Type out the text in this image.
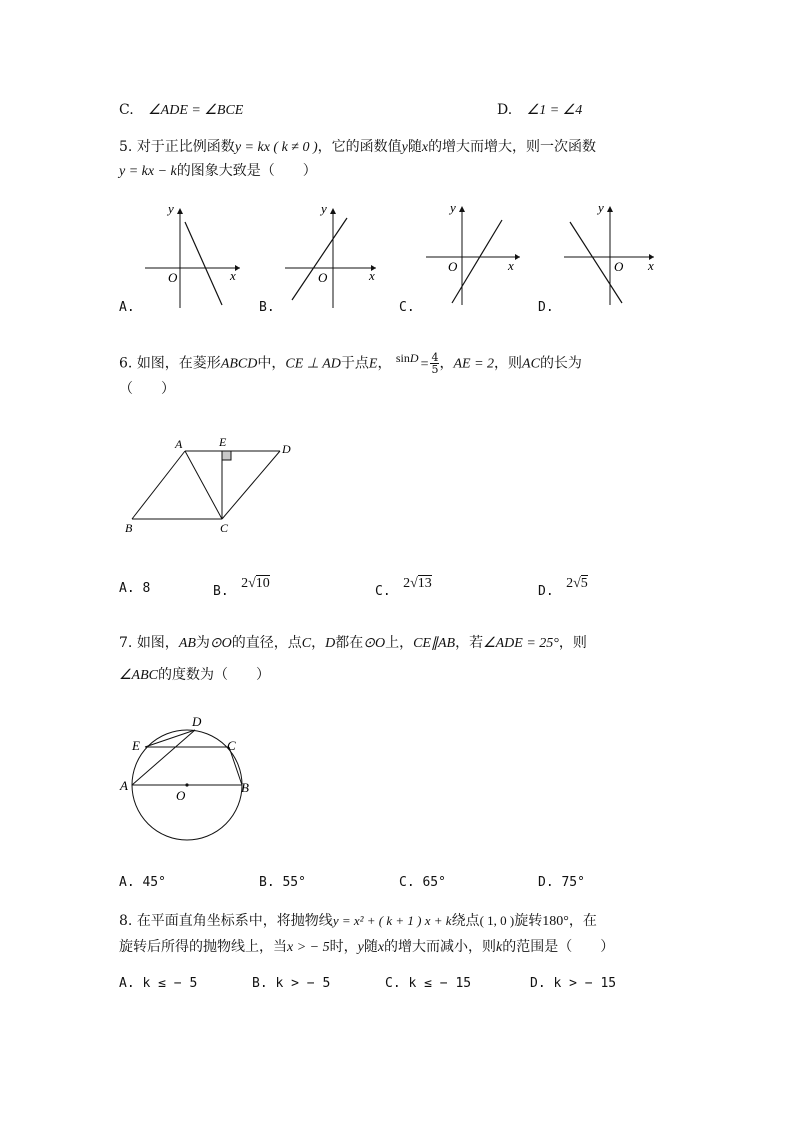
C. ∠ADE = ∠BCE	D. ∠1 = ∠4
5. 对于正比例函数y = kx ( k ≠ 0 )，它的函数值y随x的增大而增大，则一次函数
y = kx − k的图象大致是（　　）
y
x
O
y
x
O
y
x
O
y
x
O
A.	B.	C.	D.
6. 如图，在菱形ABCD中，CE ⊥ AD于点E， $\sin D = \frac{4}{5}$ ，AE = 2，则AC的长为
（　　）
A	E	D
B	C
A. 8	B. 2√10
C. 2√13
D. 2√5
7. 如图，AB为⊙O的直径，点C，D都在⊙O上，CE∥AB，若∠ADE = 25°，则
∠ABC的度数为（　　）
D
E	C
A
O
B
A. 45°	B. 55°	C. 65°	D. 75°
8. 在平面直角坐标系中，将抛物线y = x² + ( k + 1 ) x + k绕点( 1, 0 )旋转180°，在
旋转后所得的抛物线上，当x > − 5时，y随x的增大而减小，则k的范围是（　　）
A. k ≤ − 5	B. k > − 5	C. k ≤ − 15	D. k > − 15
